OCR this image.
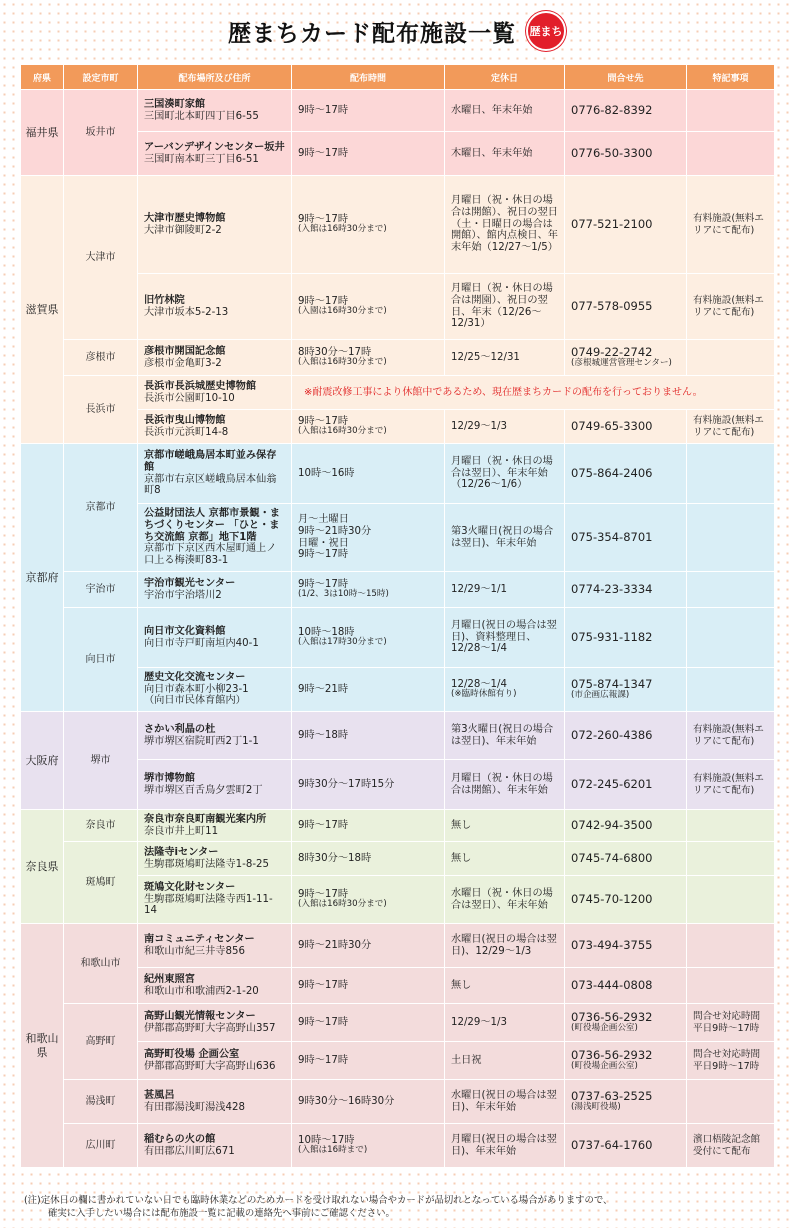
歴まちカード配布施設一覧 歴まち
府県	設定市町	配布場所及び住所	配布時間	定休日	問合せ先	特記事項
福井県	坂井市	三国湊町家館
三国町北本町四丁目6-55	9時～17時	水曜日、年末年始	0776-82-8392	

		アーバンデザインセンター坂井
三国町南本町三丁目6-51	9時～17時	木曜日、年末年始	0776-50-3300	
滋賀県	大津市	大津市歴史博物館
大津市御陵町2-2	9時～17時
(入館は16時30分まで)	月曜日（祝・休日の場合は開館）、祝日の翌日（土・日曜日の場合は開館）、館内点検日、年末年始（12/27～1/5）	077-521-2100	有料施設(無料エリアにて配布)

		旧竹林院
大津市坂本5-2-13	9時～17時
(入園は16時30分まで)	月曜日（祝・休日の場合は開園）、祝日の翌日、年末（12/26～12/31）	077-578-0955	有料施設(無料エリアにて配布)
	彦根市	彦根市開国記念館
彦根市金亀町3-2	8時30分～17時
(入館は16時30分まで)	12/25～12/31	0749-22-2742
(彦根城運営管理センター)	

	長浜市	長浜市長浜城歴史博物館
長浜市公園町10-10	※耐震改修工事により休館中であるため、現在歴まちカードの配布を行っておりません。			

		長浜市曳山博物館
長浜市元浜町14-8	9時～17時
(入館は16時30分まで)	12/29～1/3	0749-65-3300	有料施設(無料エリアにて配布)
京都府	京都市	京都市嵯峨鳥居本町並み保存館
京都市右京区嵯峨鳥居本仙翁町8	10時～16時	月曜日（祝・休日の場合は翌日）、年末年始（12/26～1/6）	075-864-2406	

		公益財団法人 京都市景観・まちづくりセンター 「ひと・まち交流館 京都」地下1階
京都市下京区西木屋町通上ノ口上る梅湊町83-1	月～土曜日
9時～21時30分
日曜・祝日
9時～17時	第3火曜日(祝日の場合は翌日)、年末年始	075-354-8701	
	宇治市	宇治市観光センター
宇治市宇治塔川2	9時～17時
(1/2、3は10時～15時)	12/29～1/1	0774-23-3334	
	向日市	向日市文化資料館
向日市寺戸町南垣内40-1	10時～18時
(入館は17時30分まで)	月曜日(祝日の場合は翌日)、資料整理日、12/28～1/4	075-931-1182	

		歴史文化交流センター
向日市森本町小柳23-1
（向日市民体育館内）	9時～21時	12/28～1/4
(※臨時休館有り)	075-874-1347
(市企画広報課)	

大阪府	堺市	さかい利晶の杜
堺市堺区宿院町西2丁1-1	9時～18時	第3火曜日(祝日の場合は翌日)、年末年始	072-260-4386	有料施設(無料エリアにて配布)

		堺市博物館
堺市堺区百舌鳥夕雲町2丁	9時30分～17時15分	月曜日（祝・休日の場合は開館）、年末年始	072-245-6201	有料施設(無料エリアにて配布)
奈良県	奈良市	奈良市奈良町南観光案内所
奈良市井上町11	9時～17時	無し	0742-94-3500	
	斑鳩町	法隆寺iセンター
生駒郡斑鳩町法隆寺1-8-25	8時30分～18時	無し	0745-74-6800	

		斑鳩文化財センター
生駒郡斑鳩町法隆寺西1-11-14	9時～17時
(入館は16時30分まで)	水曜日（祝・休日の場合は翌日）、年末年始	0745-70-1200	
和歌山県	和歌山市	南コミュニティセンター
和歌山市紀三井寺856	9時～21時30分	水曜日(祝日の場合は翌日)、12/29～1/3	073-494-3755	

		紀州東照宮
和歌山市和歌浦西2-1-20	9時～17時	無し	073-444-0808	
	高野町	高野山観光情報センター
伊都郡高野町大字高野山357	9時～17時	12/29～1/3	0736-56-2932
(町役場企画公室)	問合せ対応時間
平日9時～17時

		高野町役場 企画公室
伊都郡高野町大字高野山636	9時～17時	土日祝	0736-56-2932
(町役場企画公室)	問合せ対応時間
平日9時～17時
	湯浅町	甚風呂
有田郡湯浅町湯浅428	9時30分～16時30分	水曜日(祝日の場合は翌日)、年末年始	0737-63-2525
(湯浅町役場)	

	広川町	稲むらの火の館
有田郡広川町広671	10時～17時
(入館は16時まで)	月曜日(祝日の場合は翌日)、年末年始	0737-64-1760	濱口梧陵記念館受付にて配布
(注)定休日の欄に書かれていない日でも臨時休業などのためカードを受け取れない場合やカードが品切れとなっている場合がありますので、
確実に入手したい場合には配布施設一覧に記載の連絡先へ事前にご確認ください。
